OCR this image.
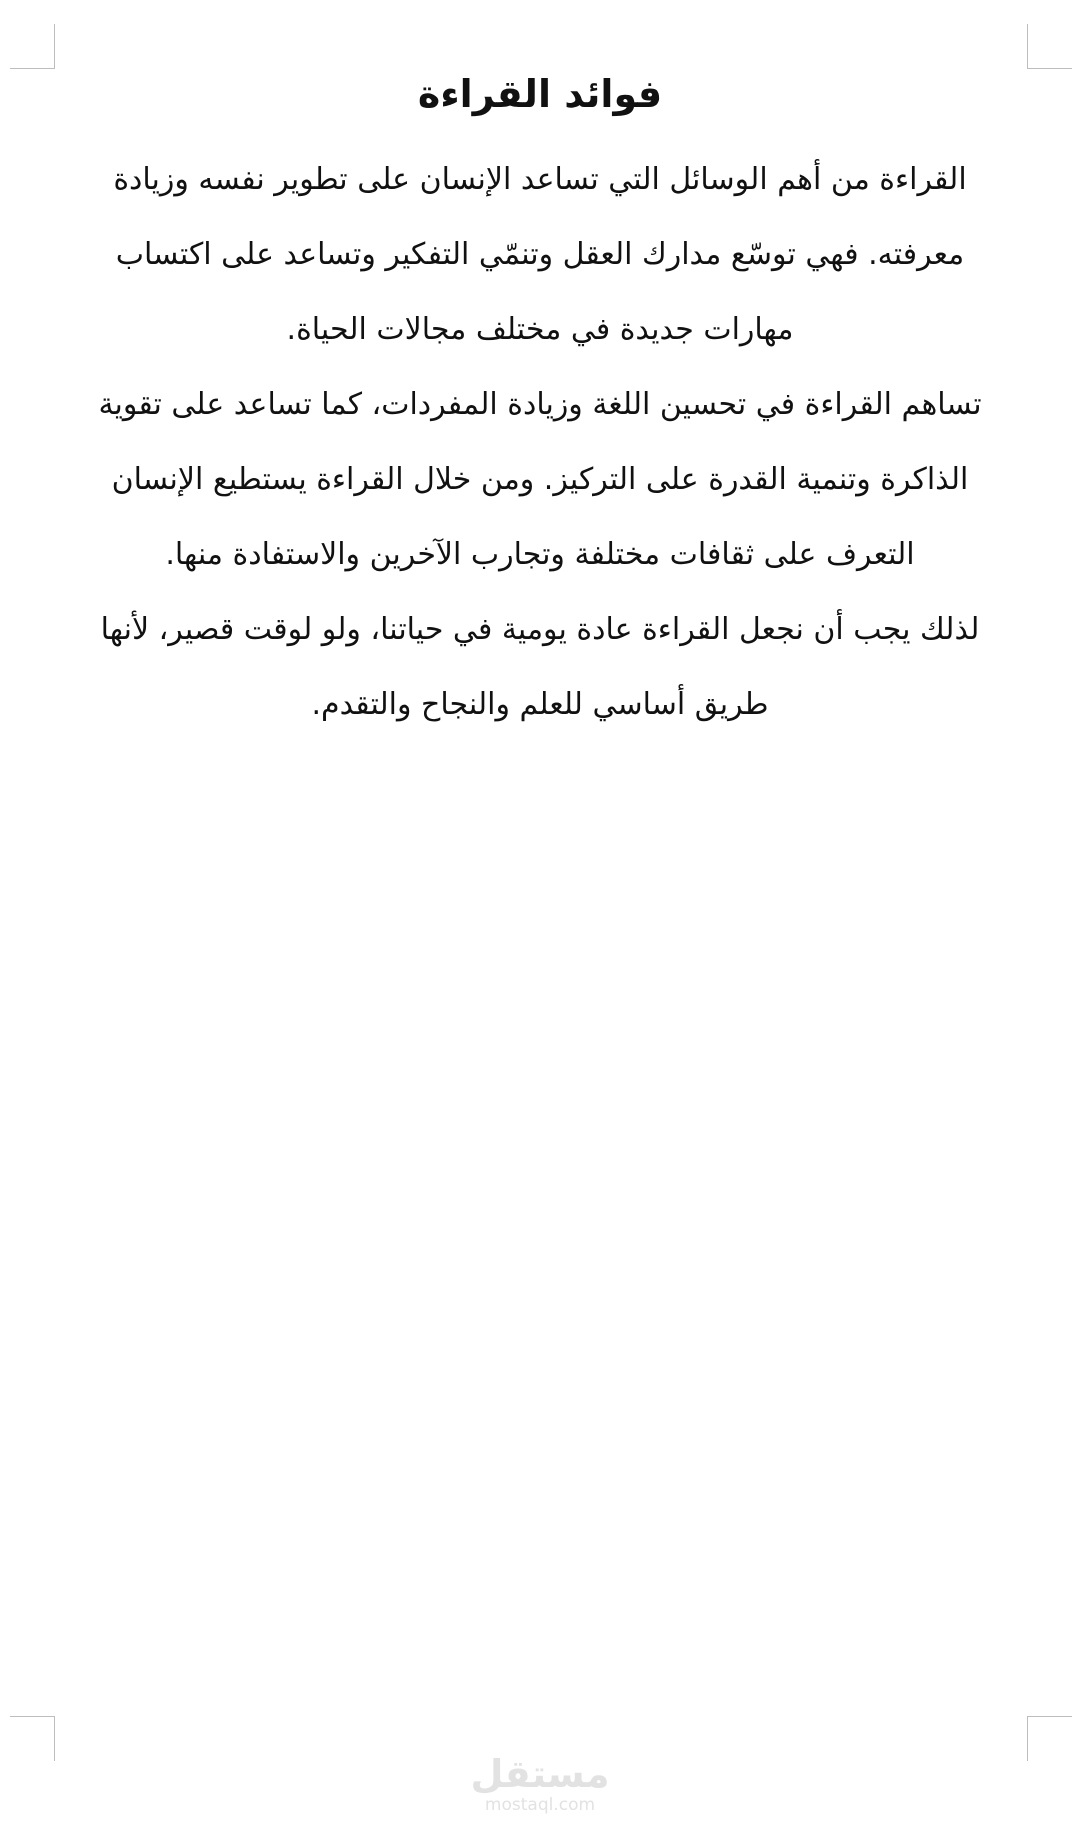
فوائد القراءة
القراءة من أهم الوسائل التي تساعد الإنسان على تطوير نفسه وزيادة
معرفته. فهي توسّع مدارك العقل وتنمّي التفكير وتساعد على اكتساب
مهارات جديدة في مختلف مجالات الحياة.
تساهم القراءة في تحسين اللغة وزيادة المفردات، كما تساعد على تقوية
الذاكرة وتنمية القدرة على التركيز. ومن خلال القراءة يستطيع الإنسان
التعرف على ثقافات مختلفة وتجارب الآخرين والاستفادة منها.
لذلك يجب أن نجعل القراءة عادة يومية في حياتنا، ولو لوقت قصير، لأنها
طريق أساسي للعلم والنجاح والتقدم.
مستقل
mostaql.com
